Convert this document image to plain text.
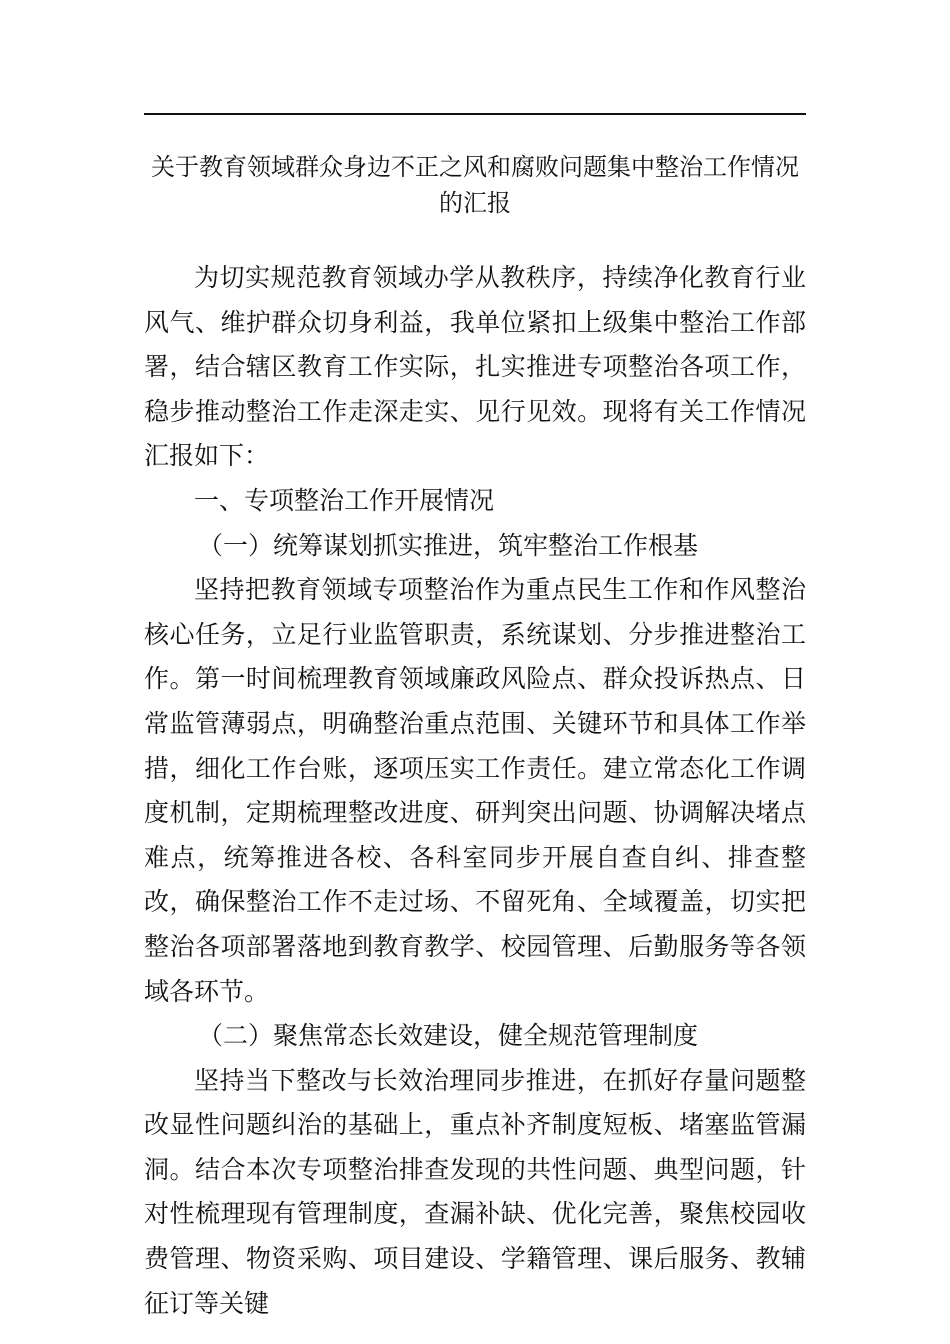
关于教育领域群众身边不正之风和腐败问题集中整治工作情况
的汇报

为切实规范教育领域办学从教秩序，持续净化教育行业风气、维护群众切身利益，我单位紧扣上级集中整治工作部署，结合辖区教育工作实际，扎实推进专项整治各项工作，稳步推动整治工作走深走实、见行见效。现将有关工作情况汇报如下：

一、专项整治工作开展情况

（一）统筹谋划抓实推进，筑牢整治工作根基

坚持把教育领域专项整治作为重点民生工作和作风整治核心任务，立足行业监管职责，系统谋划、分步推进整治工作。第一时间梳理教育领域廉政风险点、群众投诉热点、日常监管薄弱点，明确整治重点范围、关键环节和具体工作举措，细化工作台账，逐项压实工作责任。建立常态化工作调度机制，定期梳理整改进度、研判突出问题、协调解决堵点难点，统筹推进各校、各科室同步开展自查自纠、排查整改，确保整治工作不走过场、不留死角、全域覆盖，切实把整治各项部署落地到教育教学、校园管理、后勤服务等各领域各环节。

（二）聚焦常态长效建设，健全规范管理制度

坚持当下整改与长效治理同步推进，在抓好存量问题整改显性问题纠治的基础上，重点补齐制度短板、堵塞监管漏洞。结合本次专项整治排查发现的共性问题、典型问题，针对性梳理现有管理制度，查漏补缺、优化完善，聚焦校园收费管理、物资采购、项目建设、学籍管理、课后服务、教辅征订等关键
